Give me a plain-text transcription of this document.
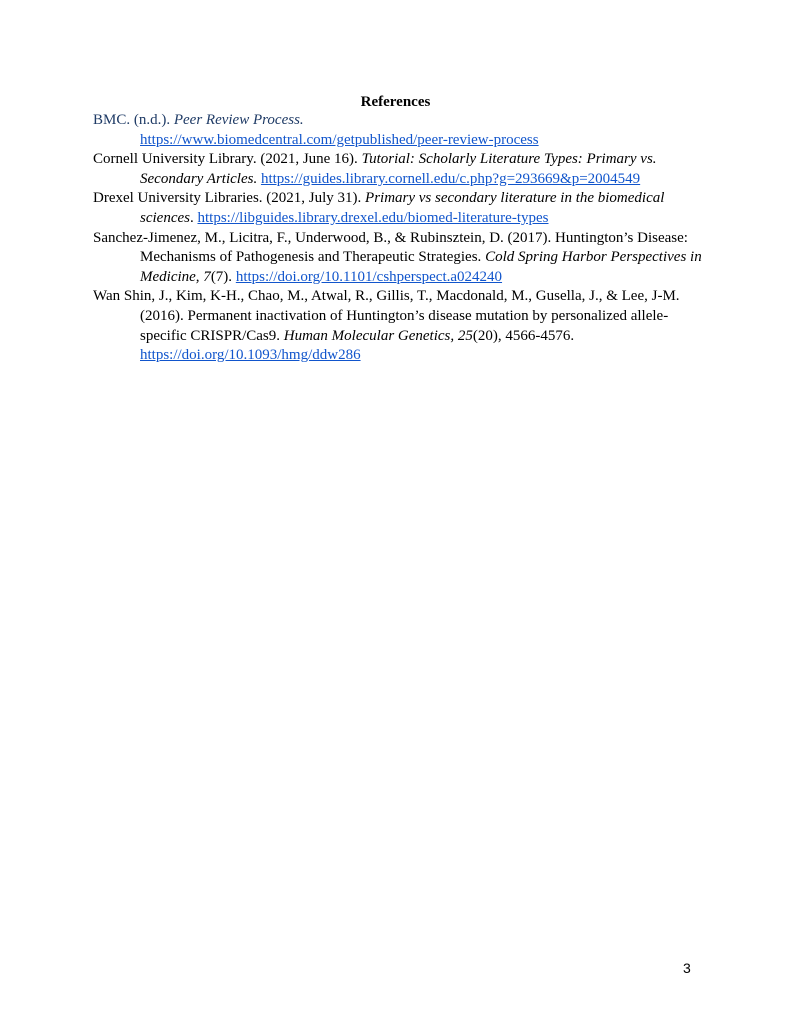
References

BMC. (n.d.). Peer Review Process.
https://www.biomedcentral.com/getpublished/peer-review-process

Cornell University Library. (2021, June 16). Tutorial: Scholarly Literature Types: Primary vs. Secondary Articles. https://guides.library.cornell.edu/c.php?g=293669&p=2004549

Drexel University Libraries. (2021, July 31). Primary vs secondary literature in the biomedical sciences. https://libguides.library.drexel.edu/biomed-literature-types

Sanchez-Jimenez, M., Licitra, F., Underwood, B., & Rubinsztein, D. (2017). Huntington’s Disease: Mechanisms of Pathogenesis and Therapeutic Strategies. Cold Spring Harbor Perspectives in Medicine, 7(7). https://doi.org/10.1101/cshperspect.a024240

Wan Shin, J., Kim, K-H., Chao, M., Atwal, R., Gillis, T., Macdonald, M., Gusella, J., & Lee, J-M. (2016). Permanent inactivation of Huntington’s disease mutation by personalized allele-specific CRISPR/Cas9. Human Molecular Genetics, 25(20), 4566-4576. https://doi.org/10.1093/hmg/ddw286

3
